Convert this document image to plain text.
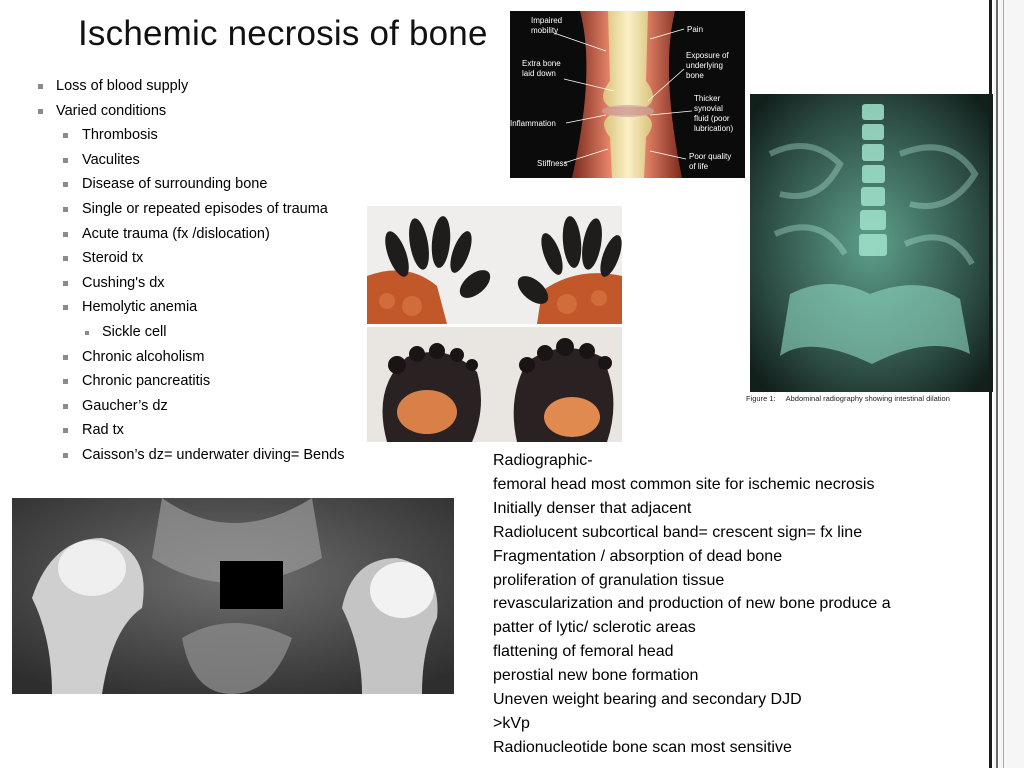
Ischemic necrosis of bone
Loss of blood supply
Varied conditions
Thrombosis
Vaculites
Disease of surrounding bone
Single or repeated episodes of trauma
Acute trauma (fx /dislocation)
Steroid tx
Cushing's dx
Hemolytic anemia
Sickle cell
Chronic alcoholism
Chronic pancreatitis
Gaucher’s dz
Rad tx
Caisson’s dz= underwater diving= Bends
Impaired mobility
Extra bone laid down
Inflammation
Stiffness
Pain
Exposure of underlying bone
Thicker synovial fluid (poor lubrication)
Poor quality of life
Figure 1: Abdominal radiography showing intestinal dilation
Radiographic-
femoral head most common site for ischemic necrosis
Initially denser that adjacent
Radiolucent subcortical band= crescent sign= fx line
Fragmentation / absorption of dead bone
proliferation of granulation tissue
revascularization and production of new bone produce a
patter of lytic/ sclerotic areas
flattening of femoral head
perostial new bone formation
Uneven weight bearing and secondary DJD
>kVp
Radionucleotide bone scan most sensitive
